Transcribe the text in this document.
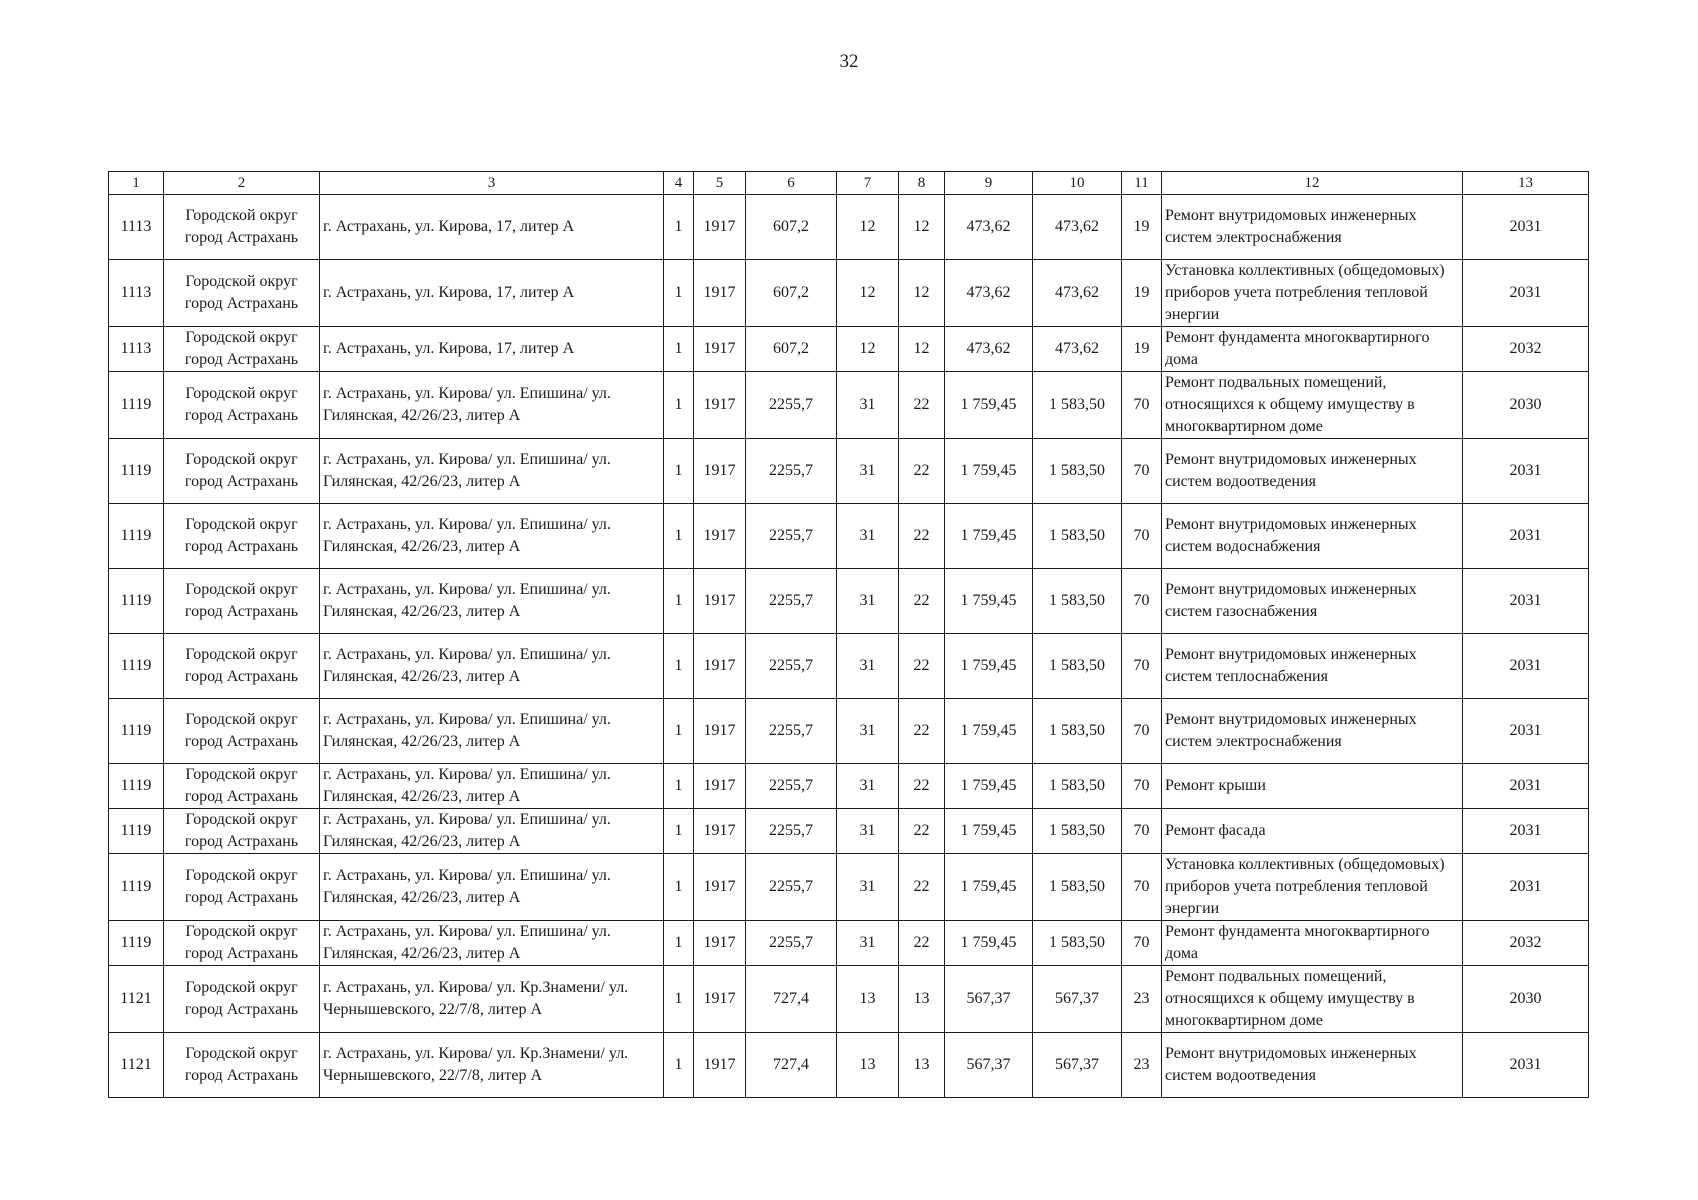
32
1	2	3	4	5	6	7	8	9	10	11	12	13
1113	Городской округ город Астрахань	г. Астрахань, ул. Кирова, 17, литер А	1	1917	607,2	12	12	473,62	473,62	19	Ремонт внутридомовых инженерных систем электроснабжения	2031
1113	Городской округ город Астрахань	г. Астрахань, ул. Кирова, 17, литер А	1	1917	607,2	12	12	473,62	473,62	19	Установка коллективных (общедомовых) приборов учета потребления тепловой энергии	2031
1113	Городской округ город Астрахань	г. Астрахань, ул. Кирова, 17, литер А	1	1917	607,2	12	12	473,62	473,62	19	Ремонт фундамента многоквартирного дома	2032
1119	Городской округ город Астрахань	г. Астрахань, ул. Кирова/ ул. Епишина/ ул. Гилянская, 42/26/23, литер А	1	1917	2255,7	31	22	1 759,45	1 583,50	70	Ремонт подвальных помещений, относящихся к общему имуществу в многоквартирном доме	2030
1119	Городской округ город Астрахань	г. Астрахань, ул. Кирова/ ул. Епишина/ ул. Гилянская, 42/26/23, литер А	1	1917	2255,7	31	22	1 759,45	1 583,50	70	Ремонт внутридомовых инженерных систем водоотведения	2031
1119	Городской округ город Астрахань	г. Астрахань, ул. Кирова/ ул. Епишина/ ул. Гилянская, 42/26/23, литер А	1	1917	2255,7	31	22	1 759,45	1 583,50	70	Ремонт внутридомовых инженерных систем водоснабжения	2031
1119	Городской округ город Астрахань	г. Астрахань, ул. Кирова/ ул. Епишина/ ул. Гилянская, 42/26/23, литер А	1	1917	2255,7	31	22	1 759,45	1 583,50	70	Ремонт внутридомовых инженерных систем газоснабжения	2031
1119	Городской округ город Астрахань	г. Астрахань, ул. Кирова/ ул. Епишина/ ул. Гилянская, 42/26/23, литер А	1	1917	2255,7	31	22	1 759,45	1 583,50	70	Ремонт внутридомовых инженерных систем теплоснабжения	2031
1119	Городской округ город Астрахань	г. Астрахань, ул. Кирова/ ул. Епишина/ ул. Гилянская, 42/26/23, литер А	1	1917	2255,7	31	22	1 759,45	1 583,50	70	Ремонт внутридомовых инженерных систем электроснабжения	2031
1119	Городской округ город Астрахань	г. Астрахань, ул. Кирова/ ул. Епишина/ ул. Гилянская, 42/26/23, литер А	1	1917	2255,7	31	22	1 759,45	1 583,50	70	Ремонт крыши	2031
1119	Городской округ город Астрахань	г. Астрахань, ул. Кирова/ ул. Епишина/ ул. Гилянская, 42/26/23, литер А	1	1917	2255,7	31	22	1 759,45	1 583,50	70	Ремонт фасада	2031
1119	Городской округ город Астрахань	г. Астрахань, ул. Кирова/ ул. Епишина/ ул. Гилянская, 42/26/23, литер А	1	1917	2255,7	31	22	1 759,45	1 583,50	70	Установка коллективных (общедомовых) приборов учета потребления тепловой энергии	2031
1119	Городской округ город Астрахань	г. Астрахань, ул. Кирова/ ул. Епишина/ ул. Гилянская, 42/26/23, литер А	1	1917	2255,7	31	22	1 759,45	1 583,50	70	Ремонт фундамента многоквартирного дома	2032
1121	Городской округ город Астрахань	г. Астрахань, ул. Кирова/ ул. Кр.Знамени/ ул. Чернышевского, 22/7/8, литер А	1	1917	727,4	13	13	567,37	567,37	23	Ремонт подвальных помещений, относящихся к общему имуществу в многоквартирном доме	2030
1121	Городской округ город Астрахань	г. Астрахань, ул. Кирова/ ул. Кр.Знамени/ ул. Чернышевского, 22/7/8, литер А	1	1917	727,4	13	13	567,37	567,37	23	Ремонт внутридомовых инженерных систем водоотведения	2031
